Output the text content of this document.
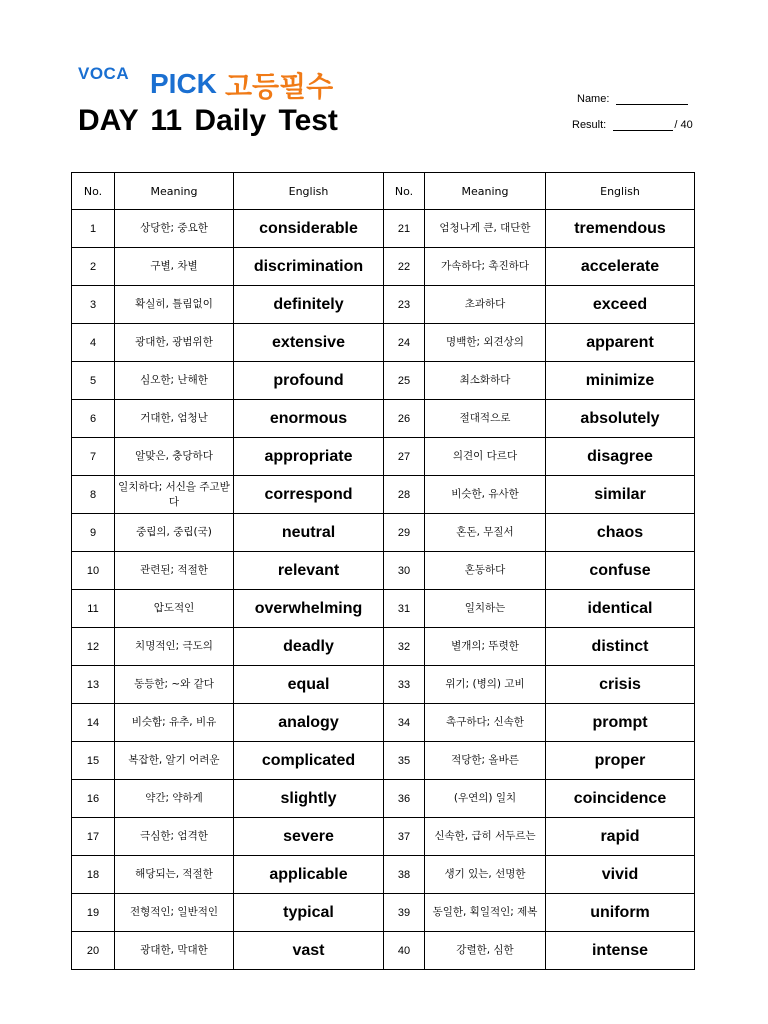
VOCA PICK 고등필수
DAY 11 Daily Test
Name:
Result:	/ 40
No.	Meaning	English	No.	Meaning	English
1	상당한; 중요한	considerable	21	엄청나게 큰, 대단한	tremendous
2	구별, 차별	discrimination	22	가속하다; 촉진하다	accelerate
3	확실히, 틀림없이	definitely	23	초과하다	exceed
4	광대한, 광범위한	extensive	24	명백한; 외견상의	apparent
5	심오한; 난해한	profound	25	최소화하다	minimize
6	거대한, 엄청난	enormous	26	절대적으로	absolutely
7	알맞은, 충당하다	appropriate	27	의견이 다르다	disagree
8	일치하다; 서신을 주고받다	correspond	28	비슷한, 유사한	similar
9	중립의, 중립(국)	neutral	29	혼돈, 무질서	chaos
10	관련된; 적절한	relevant	30	혼동하다	confuse
11	압도적인	overwhelming	31	일치하는	identical
12	치명적인; 극도의	deadly	32	별개의; 뚜렷한	distinct
13	동등한; ~와 같다	equal	33	위기; (병의) 고비	crisis
14	비슷함; 유추, 비유	analogy	34	촉구하다; 신속한	prompt
15	복잡한, 알기 어려운	complicated	35	적당한; 올바른	proper
16	약간; 약하게	slightly	36	(우연의) 일치	coincidence
17	극심한; 엄격한	severe	37	신속한, 급히 서두르는	rapid
18	해당되는, 적절한	applicable	38	생기 있는, 선명한	vivid
19	전형적인; 일반적인	typical	39	동일한, 획일적인; 제복	uniform
20	광대한, 막대한	vast	40	강렬한, 심한	intense
